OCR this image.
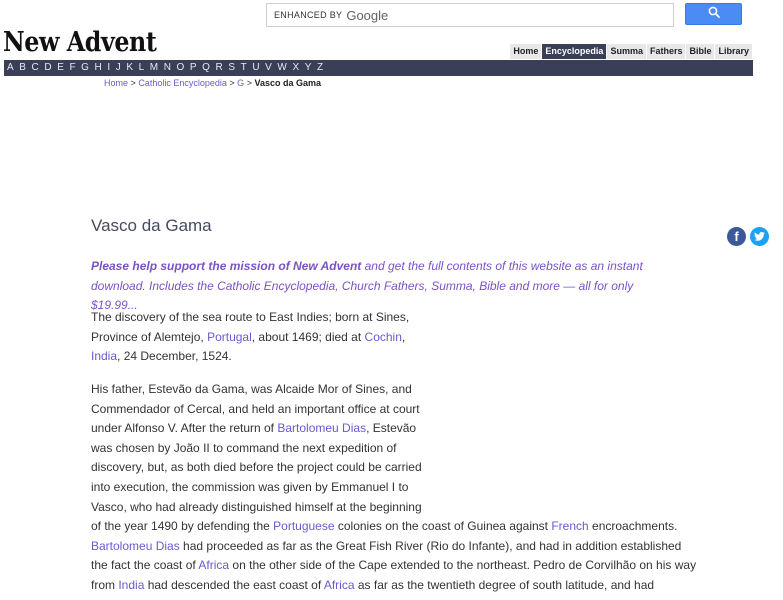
ENHANCED BY Google
New Advent	Home Encyclopedia Summa Fathers Bible Library
A B C D E F G H I J K L M N O P Q R S T U V W X Y Z
Home > Catholic Encyclopedia > G > Vasco da Gama
Vasco da Gama
f

Please help support the mission of New Advent and get the full contents of this website as an instant download. Includes the Catholic Encyclopedia, Church Fathers, Summa, Bible and more — all for only $19.99...

The discovery of the sea route to East Indies; born at Sines, Province of Alemtejo, Portugal, about 1469; died at Cochin, India, 24 December, 1524.

His father, Estevão da Gama, was Alcaide Mor of Sines, and
Commendador of Cercal, and held an important office at court
under Alfonso V. After the return of Bartolomeu Dias, Estevão
was chosen by João II to command the next expedition of
discovery, but, as both died before the project could be carried
into execution, the commission was given by Emmanuel I to
Vasco, who had already distinguished himself at the beginning
of the year 1490 by defending the Portuguese colonies on the coast of Guinea against French encroachments.
Bartolomeu Dias had proceeded as far as the Great Fish River (Rio do Infante), and had in addition established
the fact the coast of Africa on the other side of the Cape extended to the northeast. Pedro de Corvilhão on his way
from India had descended the east coast of Africa as far as the twentieth degree of south latitude, and had
